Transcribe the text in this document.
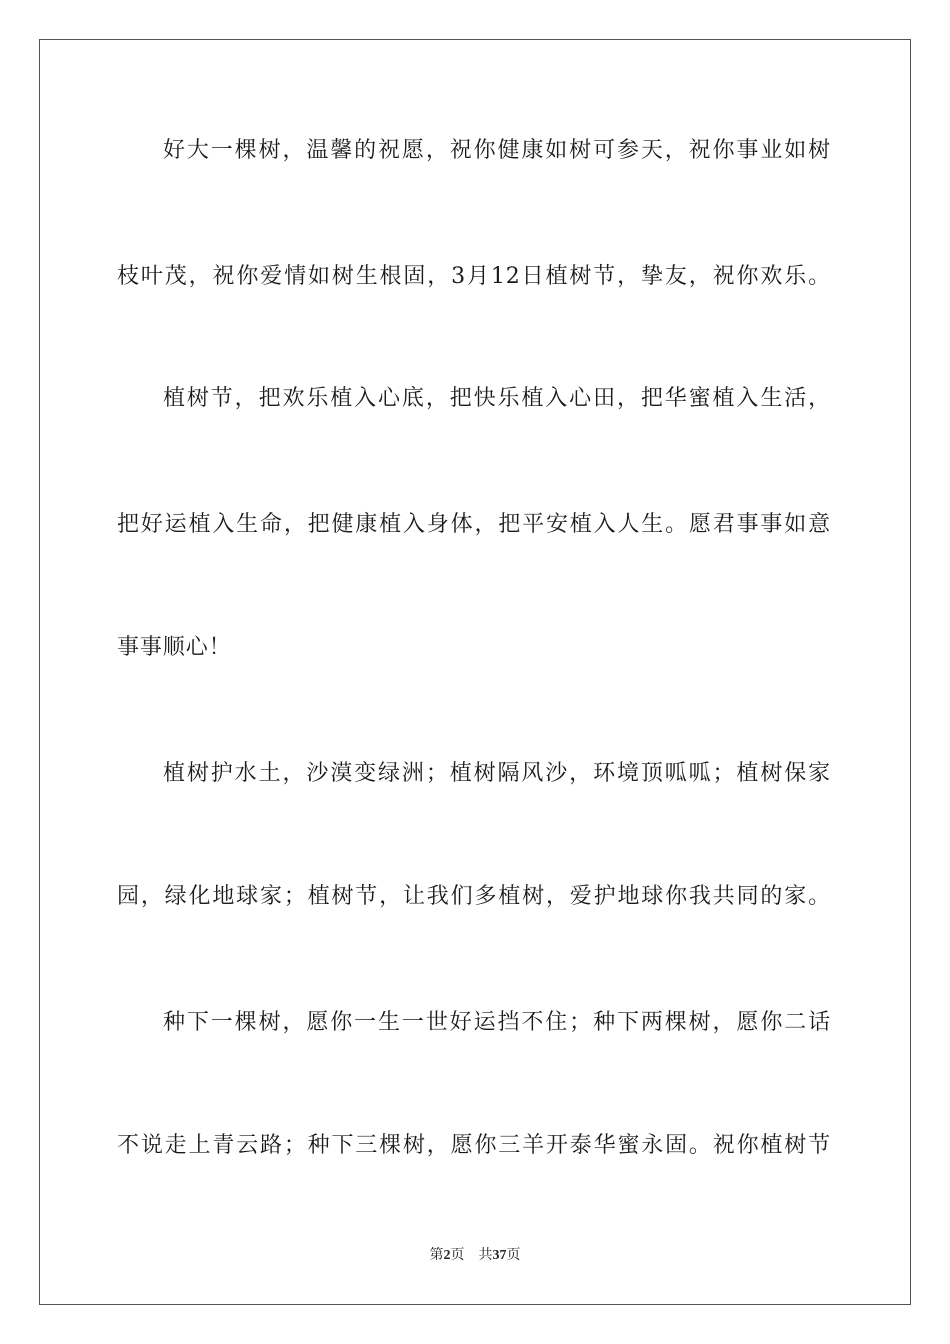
好大一棵树，温馨的祝愿，祝你健康如树可参天，祝你事业如树
枝叶茂，祝你爱情如树生根固，3月12日植树节，挚友，祝你欢乐。
植树节，把欢乐植入心底，把快乐植入心田，把华蜜植入生活，
把好运植入生命，把健康植入身体，把平安植入人生。愿君事事如意
事事顺心！
植树护水土，沙漠变绿洲；植树隔风沙，环境顶呱呱；植树保家
园，绿化地球家；植树节，让我们多植树，爱护地球你我共同的家。
种下一棵树，愿你一生一世好运挡不住；种下两棵树，愿你二话
不说走上青云路；种下三棵树，愿你三羊开泰华蜜永固。祝你植树节
第2页 共37页
